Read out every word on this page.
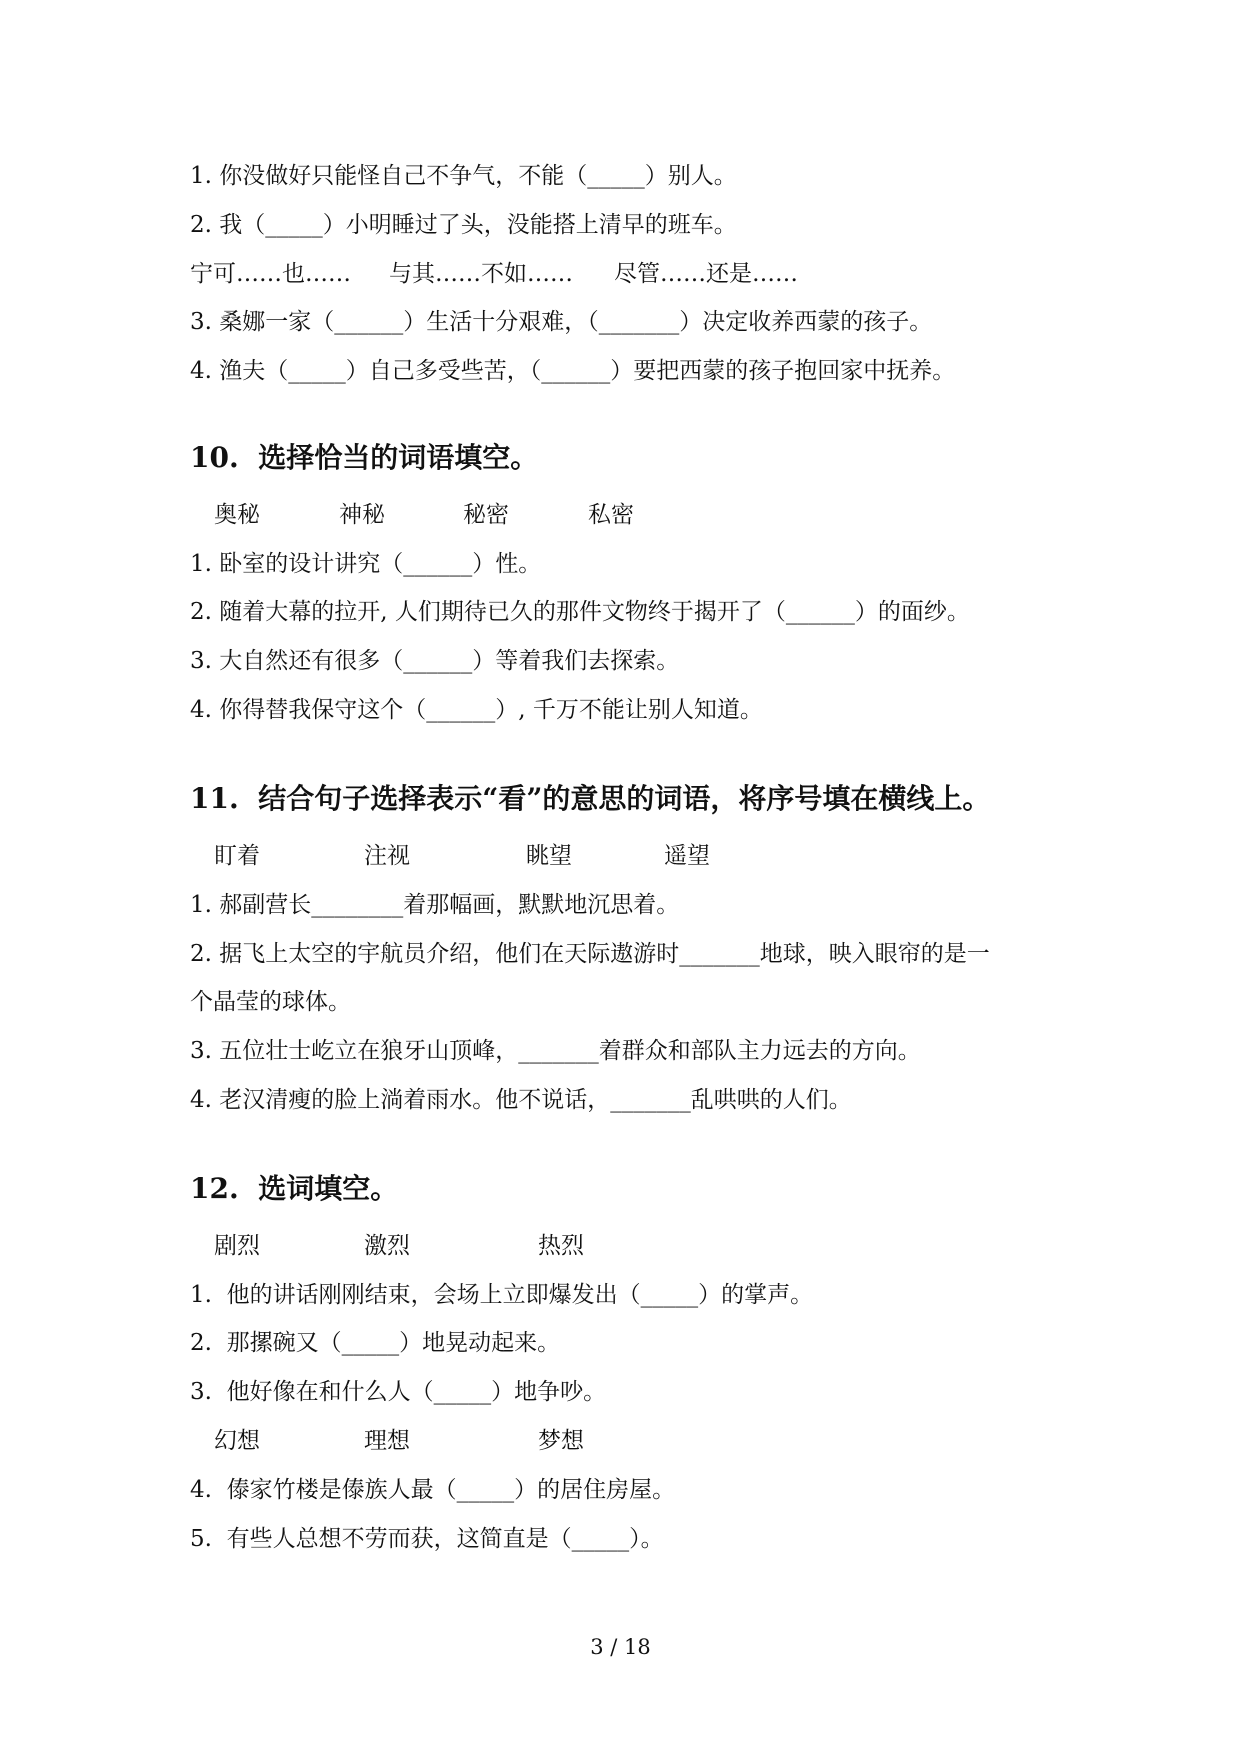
1. 你没做好只能怪自己不争气，不能（_____）别人。
2. 我（_____）小明睡过了头，没能搭上清早的班车。
宁可……也…… 与其……不如…… 尽管……还是……
3. 桑娜一家（______）生活十分艰难，（_______）决定收养西蒙的孩子。
4. 渔夫（_____）自己多受些苦，（______）要把西蒙的孩子抱回家中抚养。
10.  选择恰当的词语填空。
奥秘	神秘	秘密	私密
1. 卧室的设计讲究（______）性。
2. 随着大幕的拉开, 人们期待已久的那件文物终于揭开了（______）的面纱。
3. 大自然还有很多（______）等着我们去探索。
4. 你得替我保守这个（______）, 千万不能让别人知道。
11.  结合句子选择表示“看”的意思的词语，将序号填在横线上。
盯着	注视	眺望	遥望
1. 郝副营长________着那幅画，默默地沉思着。
2. 据飞上太空的宇航员介绍，他们在天际遨游时_______地球，映入眼帘的是一
个晶莹的球体。
3. 五位壮士屹立在狼牙山顶峰，_______着群众和部队主力远去的方向。
4. 老汉清瘦的脸上淌着雨水。他不说话，_______乱哄哄的人们。
12.  选词填空。
剧烈	激烈	热烈
1.  他的讲话刚刚结束，会场上立即爆发出（_____）的掌声。
2.  那摞碗又（_____）地晃动起来。
3.  他好像在和什么人（_____）地争吵。
幻想	理想	梦想
4.  傣家竹楼是傣族人最（_____）的居住房屋。
5.  有些人总想不劳而获，这简直是（_____）。
3 / 18
